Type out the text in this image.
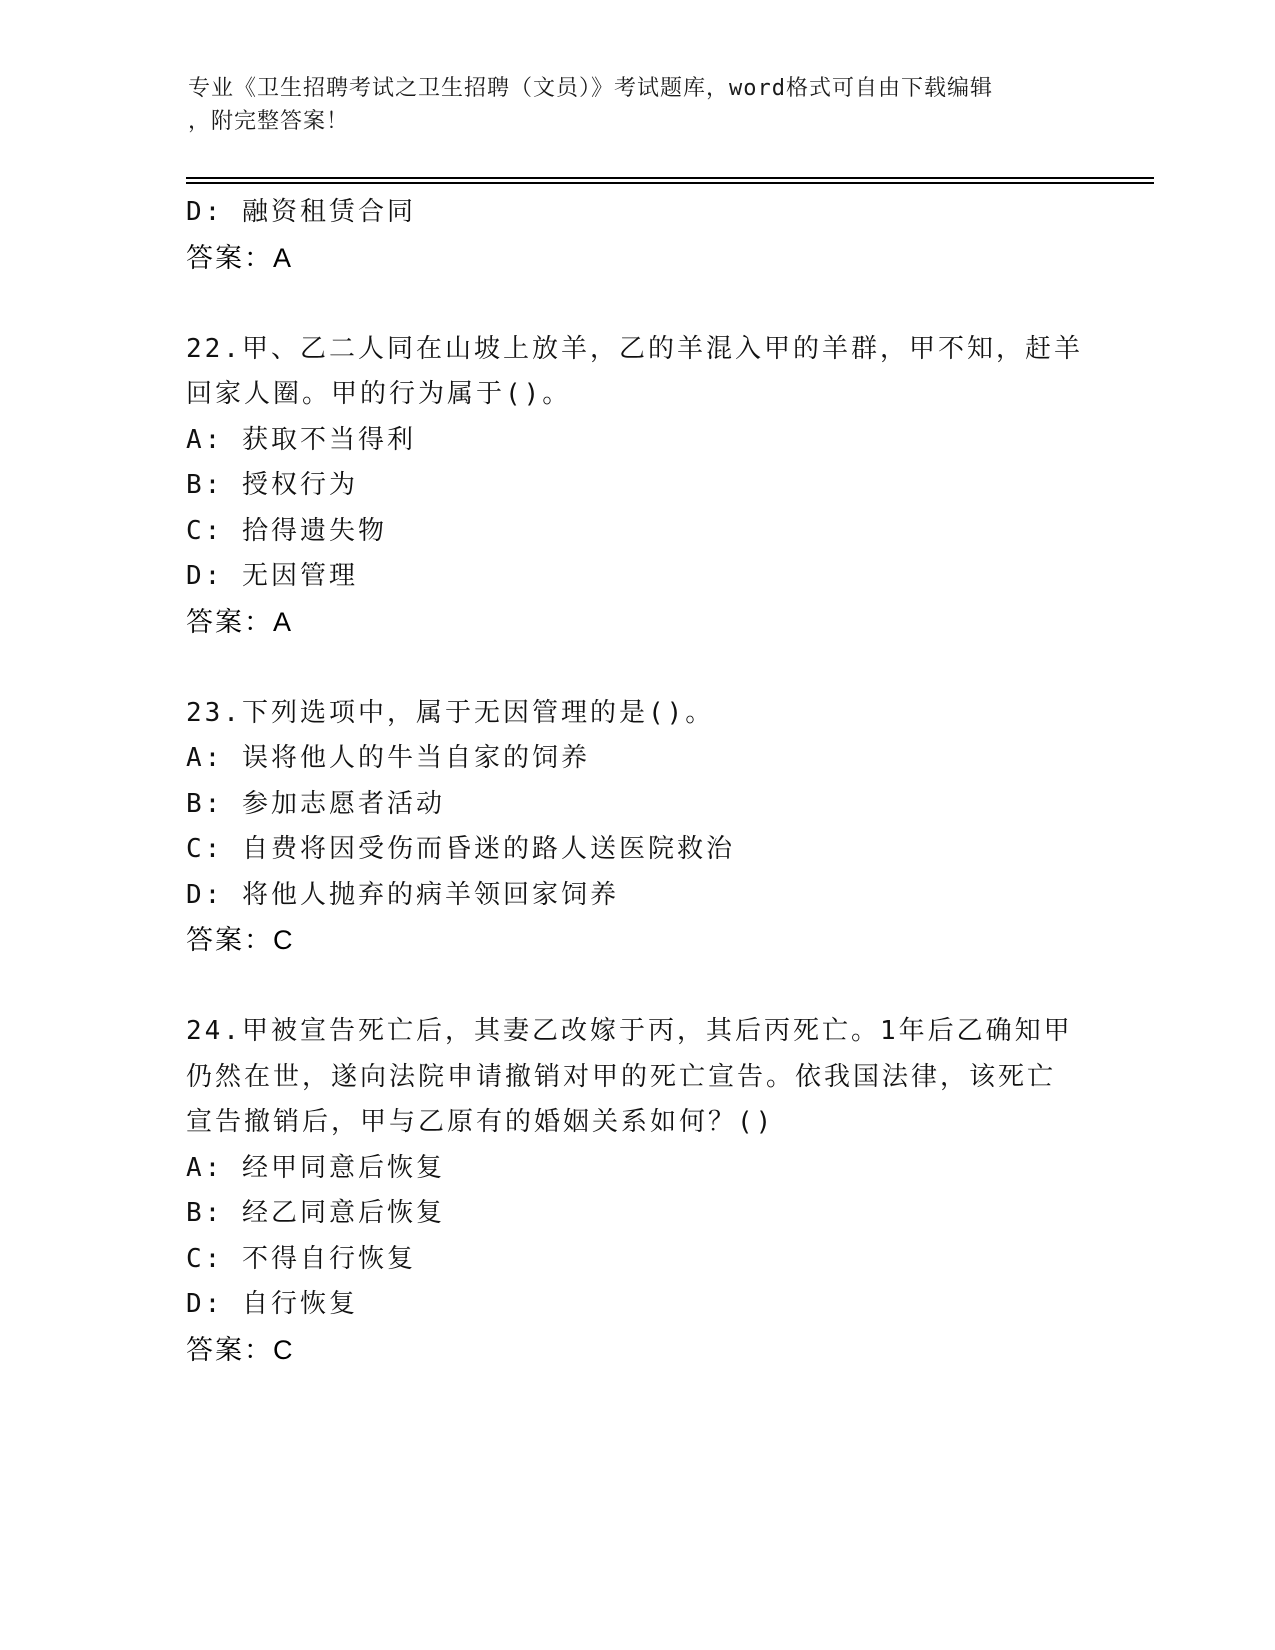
专业《卫生招聘考试之卫生招聘（文员）》考试题库，word格式可自由下载编辑
，附完整答案！
D: 融资租赁合同
答案：A
22.甲、乙二人同在山坡上放羊，乙的羊混入甲的羊群，甲不知，赶羊
回家人圈。甲的行为属于()。
A: 获取不当得利
B: 授权行为
C: 拾得遗失物
D: 无因管理
答案：A
23.下列选项中，属于无因管理的是()。
A: 误将他人的牛当自家的饲养
B: 参加志愿者活动
C: 自费将因受伤而昏迷的路人送医院救治
D: 将他人抛弃的病羊领回家饲养
答案：C
24.甲被宣告死亡后，其妻乙改嫁于丙，其后丙死亡。1年后乙确知甲
仍然在世，遂向法院申请撤销对甲的死亡宣告。依我国法律，该死亡
宣告撤销后，甲与乙原有的婚姻关系如何？()
A: 经甲同意后恢复
B: 经乙同意后恢复
C: 不得自行恢复
D: 自行恢复
答案：C
